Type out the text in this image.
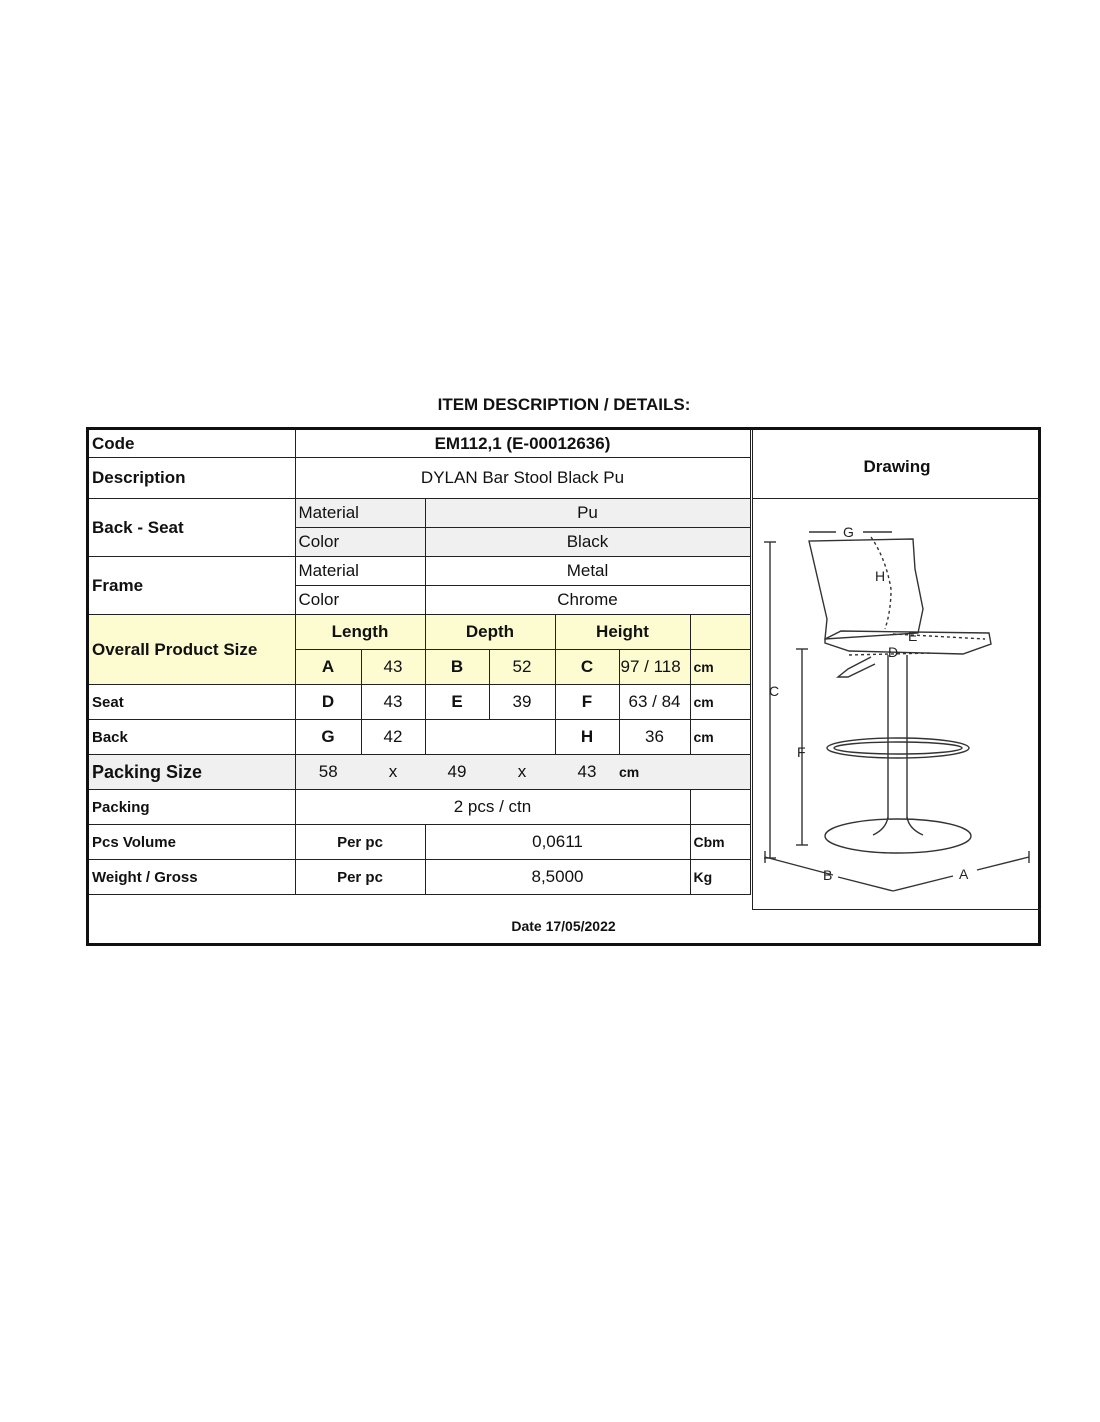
ITEM DESCRIPTION / DETAILS:
Code	EM112,1 (E-00012636)						
Description	DYLAN Bar Stool Black Pu						
Back - Seat	Material		Pu				
	Color		Black				
Frame	Material		Metal				
	Color		Chrome				
Overall Product Size	Length		Depth		Height		
	A	43	B	52	C	97 / 118	cm
Seat	D	43	E	39	F	63 / 84	cm
Back	G	42			H	36	cm
Packing Size	58	x	49	x	43	cm	
Packing	2 pcs / ctn						
Pcs Volume	Per pc		0,0611				Cbm
Weight / Gross	Per pc		8,5000				Kg
Drawing
C
F
G
H
E
D
B	A
Date 17/05/2022
